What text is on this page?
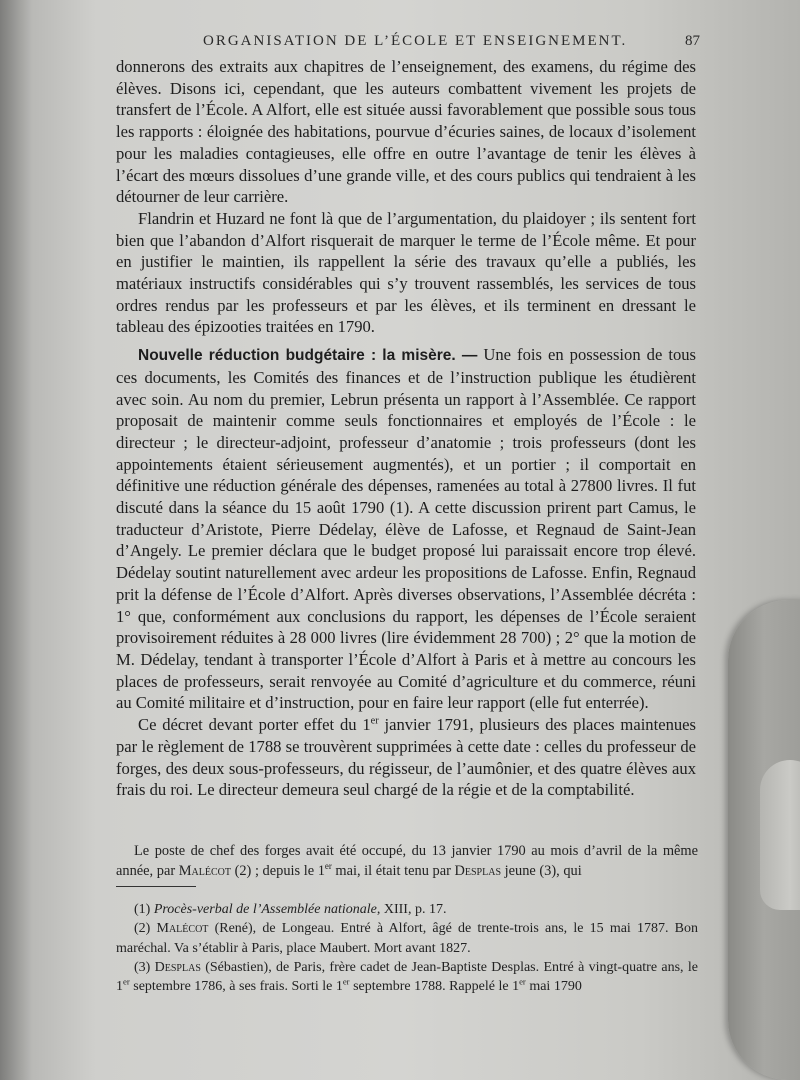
ORGANISATION DE L’ÉCOLE ET ENSEIGNEMENT.	87

donnerons des extraits aux chapitres de l’enseignement, des examens, du régime des élèves. Disons ici, cependant, que les auteurs combattent vivement les projets de transfert de l’École. A Alfort, elle est située aussi favorablement que possible sous tous les rapports : éloignée des habitations, pourvue d’écuries saines, de locaux d’isolement pour les maladies contagieuses, elle offre en outre l’avantage de tenir les élèves à l’écart des mœurs dissolues d’une grande ville, et des cours publics qui tendraient à les détourner de leur carrière.

Flandrin et Huzard ne font là que de l’argumentation, du plaidoyer ; ils sentent fort bien que l’abandon d’Alfort risquerait de marquer le terme de l’École même. Et pour en justifier le maintien, ils rappellent la série des travaux qu’elle a publiés, les matériaux instructifs considérables qui s’y trouvent rassemblés, les services de tous ordres rendus par les professeurs et par les élèves, et ils terminent en dressant le tableau des épizooties traitées en 1790.

Nouvelle réduction budgétaire : la misère. — Une fois en possession de tous ces documents, les Comités des finances et de l’instruction publique les étudièrent avec soin. Au nom du premier, Lebrun présenta un rapport à l’Assemblée. Ce rapport proposait de maintenir comme seuls fonctionnaires et employés de l’École : le directeur ; le directeur-adjoint, professeur d’anatomie ; trois professeurs (dont les appointements étaient sérieusement augmentés), et un portier ; il comportait en définitive une réduction générale des dépenses, ramenées au total à 27800 livres. Il fut discuté dans la séance du 15 août 1790 (1). A cette discussion prirent part Camus, le traducteur d’Aristote, Pierre Dédelay, élève de Lafosse, et Regnaud de Saint-Jean d’Angely. Le premier déclara que le budget proposé lui paraissait encore trop élevé. Dédelay soutint naturellement avec ardeur les propositions de Lafosse. Enfin, Regnaud prit la défense de l’École d’Alfort. Après diverses observations, l’Assemblée décréta : 1° que, conformément aux conclusions du rapport, les dépenses de l’École seraient provisoirement réduites à 28 000 livres (lire évidemment 28 700) ; 2° que la motion de M. Dédelay, tendant à transporter l’École d’Alfort à Paris et à mettre au concours les places de professeurs, serait renvoyée au Comité d’agriculture et du commerce, réuni au Comité militaire et d’instruction, pour en faire leur rapport (elle fut enterrée).

Ce décret devant porter effet du 1er janvier 1791, plusieurs des places maintenues par le règlement de 1788 se trouvèrent supprimées à cette date : celles du professeur de forges, des deux sous-professeurs, du régisseur, de l’aumônier, et des quatre élèves aux frais du roi. Le directeur demeura seul chargé de la régie et de la comptabilité.

Le poste de chef des forges avait été occupé, du 13 janvier 1790 au mois d’avril de la même année, par Malécot (2) ; depuis le 1er mai, il était tenu par Desplas jeune (3), qui

(1) Procès-verbal de l’Assemblée nationale, XIII, p. 17.

(2) Malécot (René), de Longeau. Entré à Alfort, âgé de trente-trois ans, le 15 mai 1787. Bon maréchal. Va s’établir à Paris, place Maubert. Mort avant 1827.

(3) Desplas (Sébastien), de Paris, frère cadet de Jean-Baptiste Desplas. Entré à vingt-quatre ans, le 1er septembre 1786, à ses frais. Sorti le 1er septembre 1788. Rappelé le 1er mai 1790
